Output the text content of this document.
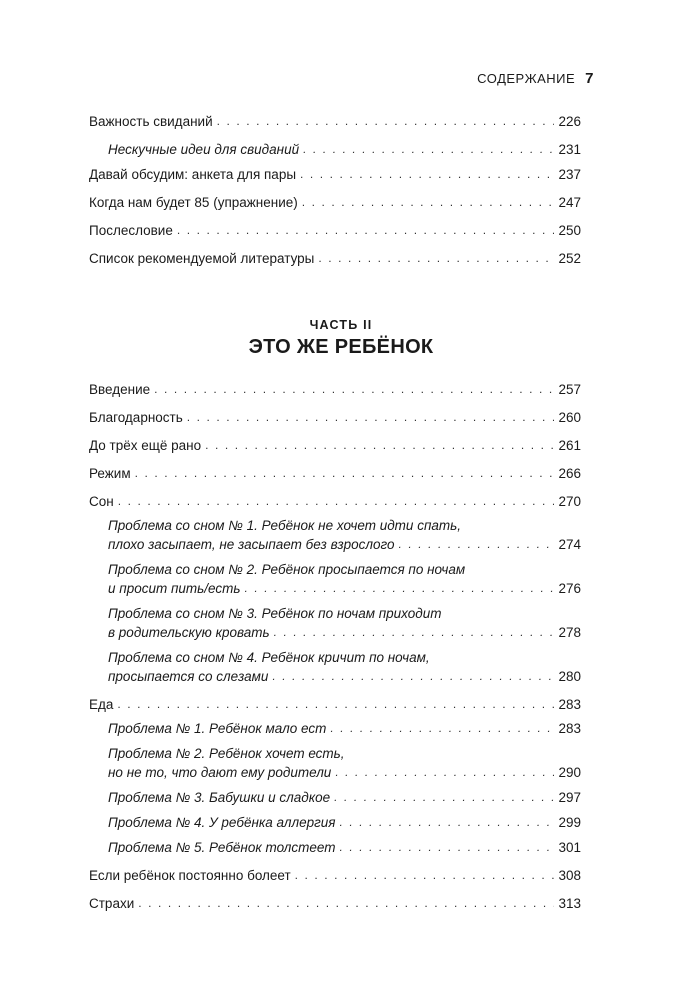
СОДЕРЖАНИЕ 7
Важность свиданий . . .	226
Нескучные идеи для свиданий . . .	231
Давай обсудим: анкета для пары . . .	237
Когда нам будет 85 (упражнение) . . .	247
Послесловие . . .	250
Список рекомендуемой литературы . . .	252
ЧАСТЬ II
ЭТО ЖЕ РЕБЁНОК
Введение . . .	257
Благодарность . . .	260
До трёх ещё рано . . .	261
Режим . . .	266
Сон . . .	270
Проблема со сном № 1. Ребёнок не хочет идти спать,
плохо засыпает, не засыпает без взрослого . . .	274
Проблема со сном № 2. Ребёнок просыпается по ночам
и просит пить/есть . . .	276
Проблема со сном № 3. Ребёнок по ночам приходит
в родительскую кровать . . .	278
Проблема со сном № 4. Ребёнок кричит по ночам,
просыпается со слезами . . .	280
Еда . . .	283
Проблема № 1. Ребёнок мало ест . . .	283
Проблема № 2. Ребёнок хочет есть,
но не то, что дают ему родители . . .	290
Проблема № 3. Бабушки и сладкое . . .	297
Проблема № 4. У ребёнка аллергия . . .	299
Проблема № 5. Ребёнок толстеет . . .	301
Если ребёнок постоянно болеет . . .	308
Страхи . . .	313
